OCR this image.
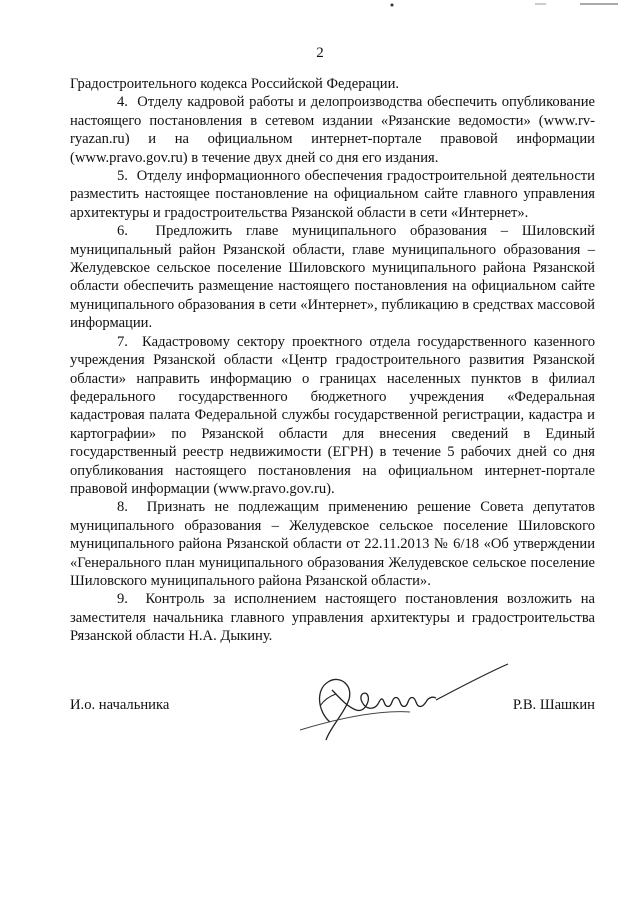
2

Градостроительного кодекса Российской Федерации.

4.  Отделу кадровой работы и делопроизводства обеспечить опубликование настоящего постановления в сетевом издании «Рязанские ведомости» (www.rv-ryazan.ru) и на официальном интернет-портале правовой информации (www.pravo.gov.ru) в течение двух дней со дня его издания.

5.  Отделу информационного обеспечения градостроительной деятельности разместить настоящее постановление на официальном сайте главного управления архитектуры и градостроительства Рязанской области в сети «Интернет».

6.  Предложить главе муниципального образования – Шиловский муниципальный район Рязанской области, главе муниципального образования – Желудевское сельское поселение Шиловского муниципального района Рязанской области обеспечить размещение настоящего постановления на официальном сайте муниципального образования в сети «Интернет», публикацию в средствах массовой информации.

7.  Кадастровому сектору проектного отдела государственного казенного учреждения Рязанской области «Центр градостроительного развития Рязанской области» направить информацию о границах населенных пунктов в филиал федерального государственного бюджетного учреждения «Федеральная кадастровая палата Федеральной службы государственной регистрации, кадастра и картографии» по Рязанской области для внесения сведений в Единый государственный реестр недвижимости (ЕГРН) в течение 5 рабочих дней со дня опубликования настоящего постановления на официальном интернет-портале правовой информации (www.pravo.gov.ru).

8.  Признать не подлежащим применению решение Совета депутатов муниципального образования – Желудевское сельское поселение Шиловского муниципального района Рязанской области от 22.11.2013 № 6/18 «Об утверждении «Генерального план муниципального образования Желудевское сельское поселение Шиловского муниципального района Рязанской области».

9.  Контроль за исполнением настоящего постановления возложить на заместителя начальника главного управления архитектуры и градостроительства Рязанской области Н.А. Дыкину.

И.о. начальника	Р.В. Шашкин
